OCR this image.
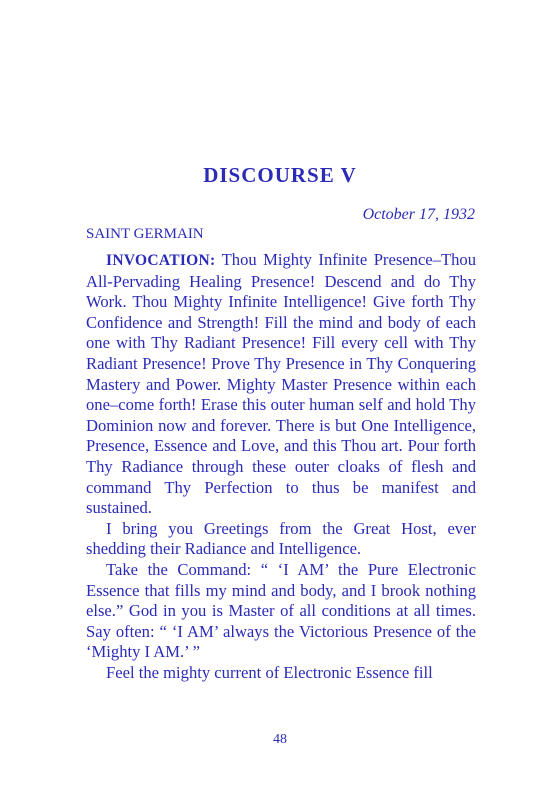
DISCOURSE V
October 17, 1932
SAINT GERMAIN

INVOCATION: Thou Mighty Infinite Presence–Thou All-Pervading Healing Presence! Descend and do Thy Work. Thou Mighty Infinite Intelligence! Give forth Thy Confidence and Strength! Fill the mind and body of each one with Thy Radiant Presence! Fill every cell with Thy Radiant Presence! Prove Thy Presence in Thy Conquering Mastery and Power. Mighty Master Presence within each one–come forth! Erase this outer human self and hold Thy Dominion now and forever. There is but One Intelligence, Presence, Essence and Love, and this Thou art. Pour forth Thy Radiance through these outer cloaks of flesh and command Thy Perfection to thus be manifest and sustained.

I bring you Greetings from the Great Host, ever shedding their Radiance and Intelligence.

Take the Command: “ ‘I AM’ the Pure Electronic Essence that fills my mind and body, and I brook nothing else.” God in you is Master of all conditions at all times. Say often: “ ‘I AM’ always the Victorious Presence of the ‘Mighty I AM.’ ”

Feel the mighty current of Electronic Essence fill

48
